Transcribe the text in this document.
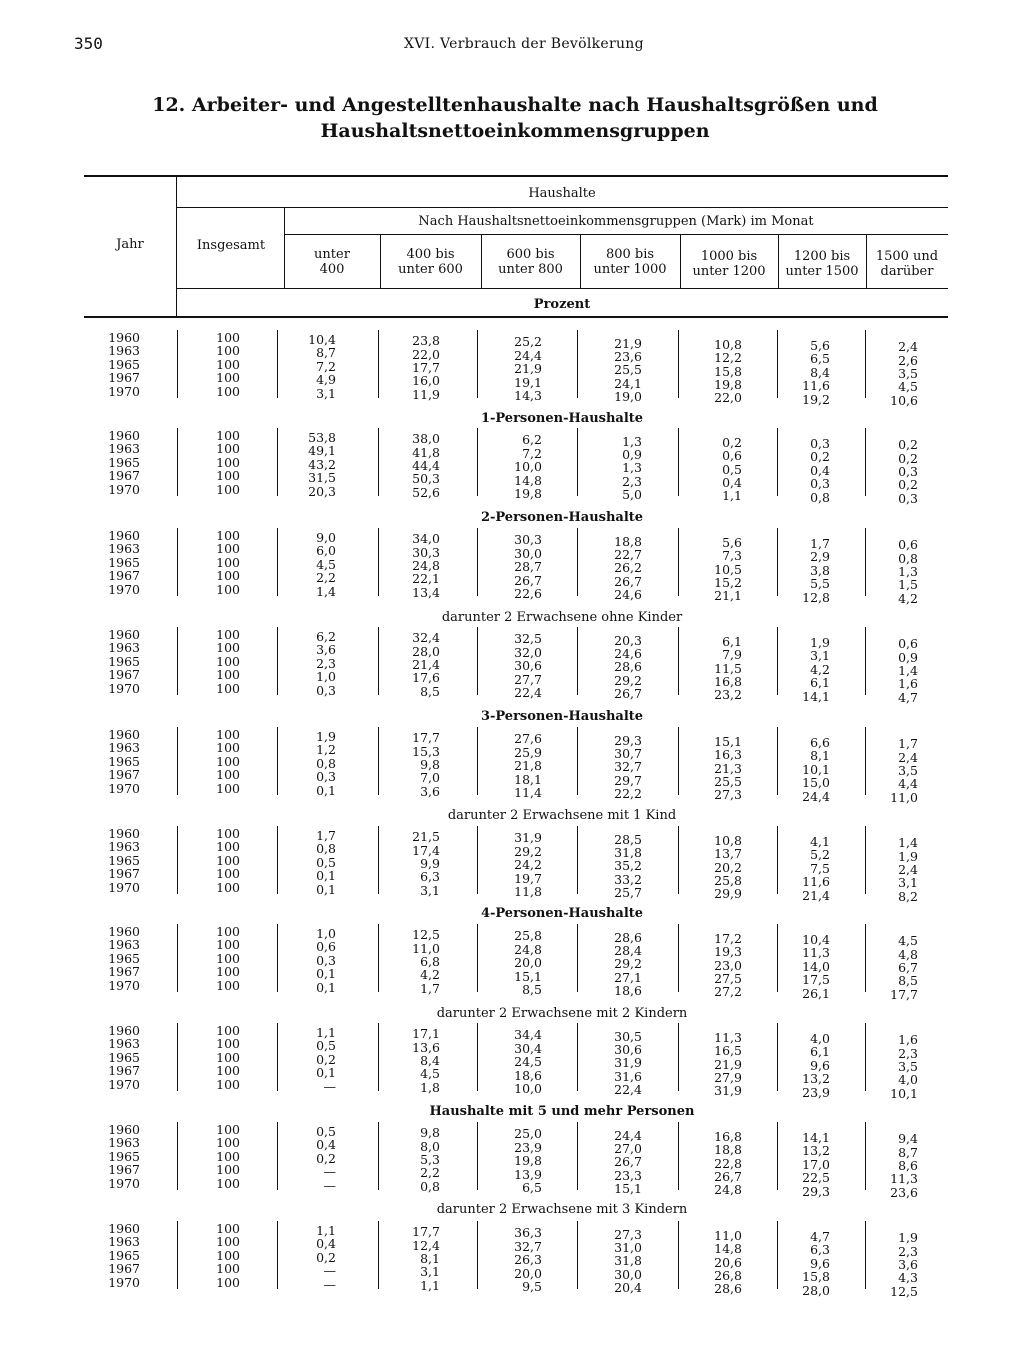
350	XVI. Verbrauch der Bevölkerung
12. Arbeiter- und Angestelltenhaushalte nach Haushaltsgrößen und
Haushaltsnettoeinkommensgruppen
Jahr
Haushalte
Insgesamt
Nach Haushaltsnettoeinkommensgruppen (Mark) im Monat
unter
400
400 bis
unter 600
600 bis
unter 800
800 bis
unter 1000
1000 bis
unter 1200
1200 bis
unter 1500
1500 und
darüber
Prozent
1960
1963
1965
1967
1970
100
100
100
100
100
10,4
8,7
7,2
4,9
3,1
23,8
22,0
17,7
16,0
11,9
25,2
24,4
21,9
19,1
14,3
21,9
23,6
25,5
24,1
19,0
10,8
12,2
15,8
19,8
22,0
5,6
6,5
8,4
11,6
19,2
2,4
2,6
3,5
4,5
10,6
1-Personen-Haushalte
1960
1963
1965
1967
1970
100
100
100
100
100
53,8
49,1
43,2
31,5
20,3
38,0
41,8
44,4
50,3
52,6
6,2
7,2
10,0
14,8
19,8
1,3
0,9
1,3
2,3
5,0
0,2
0,6
0,5
0,4
1,1
0,3
0,2
0,4
0,3
0,8
0,2
0,2
0,3
0,2
0,3
2-Personen-Haushalte
1960
1963
1965
1967
1970
100
100
100
100
100
9,0
6,0
4,5
2,2
1,4
34,0
30,3
24,8
22,1
13,4
30,3
30,0
28,7
26,7
22,6
18,8
22,7
26,2
26,7
24,6
5,6
7,3
10,5
15,2
21,1
1,7
2,9
3,8
5,5
12,8
0,6
0,8
1,3
1,5
4,2
darunter 2 Erwachsene ohne Kinder
1960
1963
1965
1967
1970
100
100
100
100
100
6,2
3,6
2,3
1,0
0,3
32,4
28,0
21,4
17,6
8,5
32,5
32,0
30,6
27,7
22,4
20,3
24,6
28,6
29,2
26,7
6,1
7,9
11,5
16,8
23,2
1,9
3,1
4,2
6,1
14,1
0,6
0,9
1,4
1,6
4,7
3-Personen-Haushalte
1960
1963
1965
1967
1970
100
100
100
100
100
1,9
1,2
0,8
0,3
0,1
17,7
15,3
9,8
7,0
3,6
27,6
25,9
21,8
18,1
11,4
29,3
30,7
32,7
29,7
22,2
15,1
16,3
21,3
25,5
27,3
6,6
8,1
10,1
15,0
24,4
1,7
2,4
3,5
4,4
11,0
darunter 2 Erwachsene mit 1 Kind
1960
1963
1965
1967
1970
100
100
100
100
100
1,7
0,8
0,5
0,1
0,1
21,5
17,4
9,9
6,3
3,1
31,9
29,2
24,2
19,7
11,8
28,5
31,8
35,2
33,2
25,7
10,8
13,7
20,2
25,8
29,9
4,1
5,2
7,5
11,6
21,4
1,4
1,9
2,4
3,1
8,2
4-Personen-Haushalte
1960
1963
1965
1967
1970
100
100
100
100
100
1,0
0,6
0,3
0,1
0,1
12,5
11,0
6,8
4,2
1,7
25,8
24,8
20,0
15,1
8,5
28,6
28,4
29,2
27,1
18,6
17,2
19,3
23,0
27,5
27,2
10,4
11,3
14,0
17,5
26,1
4,5
4,8
6,7
8,5
17,7
darunter 2 Erwachsene mit 2 Kindern
1960
1963
1965
1967
1970
100
100
100
100
100
1,1
0,5
0,2
0,1
—
17,1
13,6
8,4
4,5
1,8
34,4
30,4
24,5
18,6
10,0
30,5
30,6
31,9
31,6
22,4
11,3
16,5
21,9
27,9
31,9
4,0
6,1
9,6
13,2
23,9
1,6
2,3
3,5
4,0
10,1
Haushalte mit 5 und mehr Personen
1960
1963
1965
1967
1970
100
100
100
100
100
0,5
0,4
0,2
—
—
9,8
8,0
5,3
2,2
0,8
25,0
23,9
19,8
13,9
6,5
24,4
27,0
26,7
23,3
15,1
16,8
18,8
22,8
26,7
24,8
14,1
13,2
17,0
22,5
29,3
9,4
8,7
8,6
11,3
23,6
darunter 2 Erwachsene mit 3 Kindern
1960
1963
1965
1967
1970
100
100
100
100
100
1,1
0,4
0,2
—
—
17,7
12,4
8,1
3,1
1,1
36,3
32,7
26,3
20,0
9,5
27,3
31,0
31,8
30,0
20,4
11,0
14,8
20,6
26,8
28,6
4,7
6,3
9,6
15,8
28,0
1,9
2,3
3,6
4,3
12,5
